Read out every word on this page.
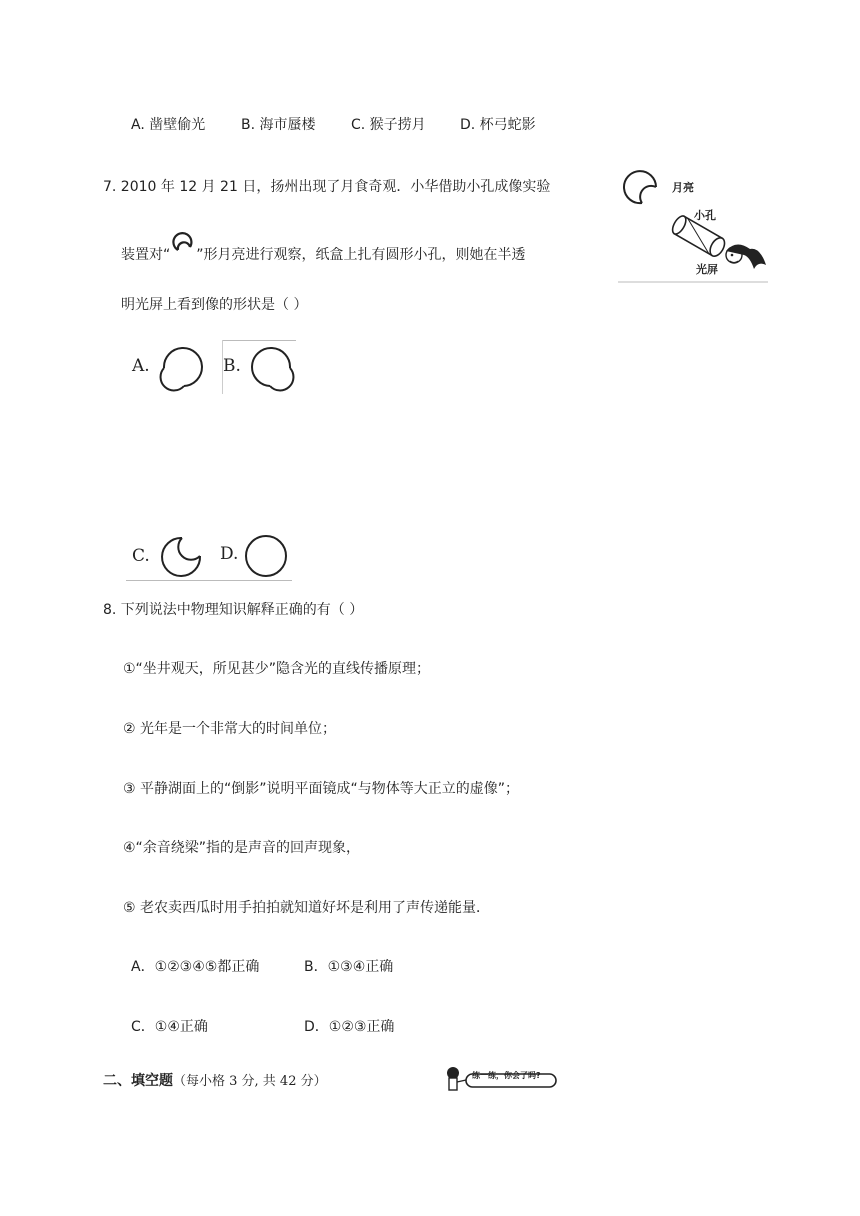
A. 凿壁偷光	B. 海市蜃楼	C. 猴子捞月 D. 杯弓蛇影
7. 2010 年 12 月 21 日，扬州出现了月食奇观．小华借助小孔成像实验
装置对“ ”形月亮进行观察，纸盒上扎有圆形小孔，则她在半透
明光屏上看到像的形状是（ ）
月亮
小孔
光屏
A.	B.
C.	D.
8. 下列说法中物理知识解释正确的有（ ）
①“坐井观天，所见甚少”隐含光的直线传播原理；
② 光年是一个非常大的时间单位；
③ 平静湖面上的“倒影”说明平面镜成“与物体等大正立的虚像”；
④“余音绕梁”指的是声音的回声现象，
⑤ 老农卖西瓜时用手拍拍就知道好坏是利用了声传递能量．
A．①②③④⑤都正确	B．①③④正确
C．①④正确	D．①②③正确
二、填空题（每小格 3 分, 共 42 分）	练一练，你会了吗?
